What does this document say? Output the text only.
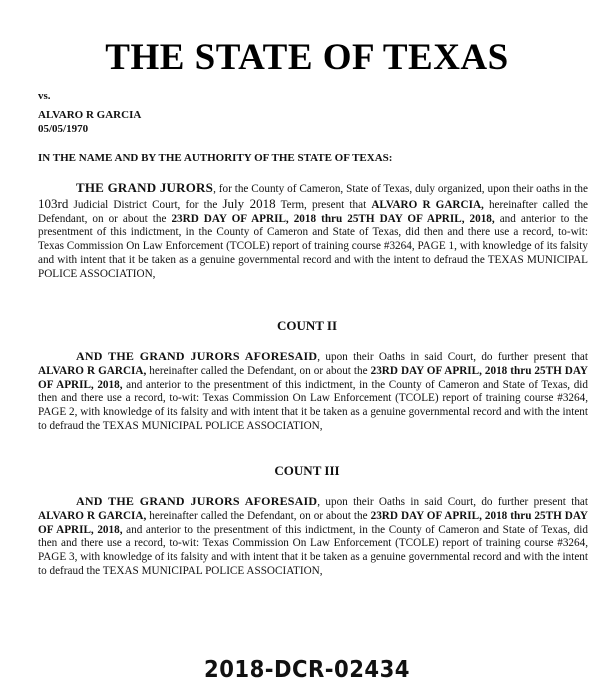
THE STATE OF TEXAS
vs.
ALVARO R GARCIA
05/05/1970
IN THE NAME AND BY THE AUTHORITY OF THE STATE OF TEXAS:

THE GRAND JURORS, for the County of Cameron, State of Texas, duly organized, upon their oaths in the 103rd Judicial District Court, for the July 2018 Term, present that ALVARO R GARCIA, hereinafter called the Defendant, on or about the 23RD DAY OF APRIL, 2018 thru 25TH DAY OF APRIL, 2018, and anterior to the presentment of this indictment, in the County of Cameron and State of Texas, did then and there use a record, to-wit: Texas Commission On Law Enforcement (TCOLE) report of training course #3264, PAGE 1, with knowledge of its falsity and with intent that it be taken as a genuine governmental record and with the intent to defraud the TEXAS MUNICIPAL POLICE ASSOCIATION,

COUNT II

AND THE GRAND JURORS AFORESAID, upon their Oaths in said Court, do further present that ALVARO R GARCIA, hereinafter called the Defendant, on or about the 23RD DAY OF APRIL, 2018 thru 25TH DAY OF APRIL, 2018, and anterior to the presentment of this indictment, in the County of Cameron and State of Texas, did then and there use a record, to-wit: Texas Commission On Law Enforcement (TCOLE) report of training course #3264, PAGE 2, with knowledge of its falsity and with intent that it be taken as a genuine governmental record and with the intent to defraud the TEXAS MUNICIPAL POLICE ASSOCIATION,

COUNT III

AND THE GRAND JURORS AFORESAID, upon their Oaths in said Court, do further present that ALVARO R GARCIA, hereinafter called the Defendant, on or about the 23RD DAY OF APRIL, 2018 thru 25TH DAY OF APRIL, 2018, and anterior to the presentment of this indictment, in the County of Cameron and State of Texas, did then and there use a record, to-wit: Texas Commission On Law Enforcement (TCOLE) report of training course #3264, PAGE 3, with knowledge of its falsity and with intent that it be taken as a genuine governmental record and with the intent to defraud the TEXAS MUNICIPAL POLICE ASSOCIATION,

2018-DCR-02434
